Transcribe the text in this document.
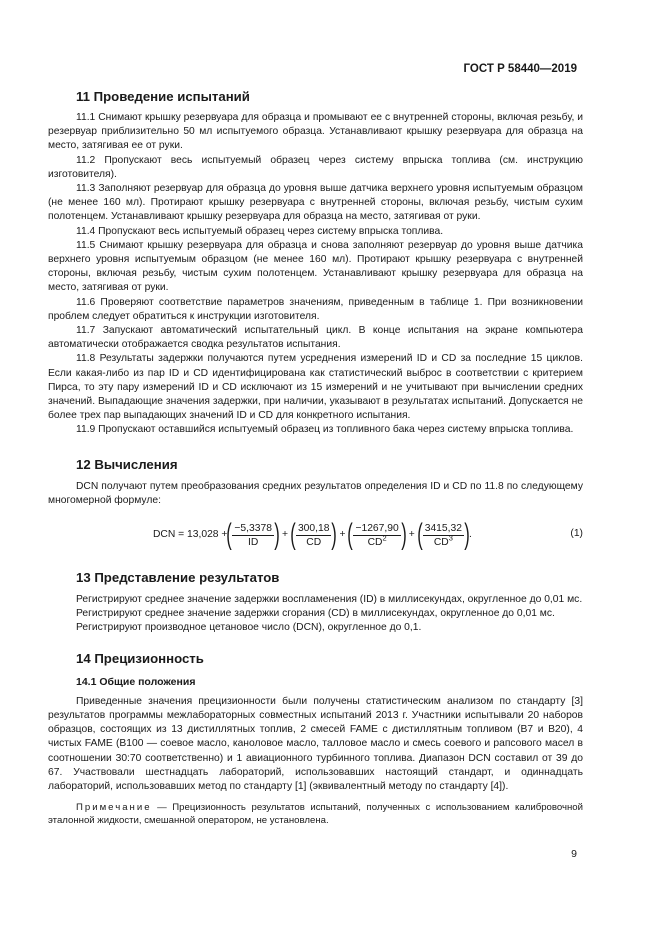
ГОСТ Р 58440—2019
11 Проведение испытаний

11.1 Снимают крышку резервуара для образца и промывают ее с внутренней стороны, включая резьбу, и резервуар приблизительно 50 мл испытуемого образца. Устанавливают крышку резервуара для образца на место, затягивая ее от руки.

11.2 Пропускают весь испытуемый образец через систему впрыска топлива (см. инструкцию изготовителя).

11.3 Заполняют резервуар для образца до уровня выше датчика верхнего уровня испытуемым образцом (не менее 160 мл). Протирают крышку резервуара с внутренней стороны, включая резьбу, чистым сухим полотенцем. Устанавливают крышку резервуара для образца на место, затягивая от руки.

11.4 Пропускают весь испытуемый образец через систему впрыска топлива.

11.5 Снимают крышку резервуара для образца и снова заполняют резервуар до уровня выше датчика верхнего уровня испытуемым образцом (не менее 160 мл). Протирают крышку резервуара с внутренней стороны, включая резьбу, чистым сухим полотенцем. Устанавливают крышку резервуара для образца на место, затягивая от руки.

11.6 Проверяют соответствие параметров значениям, приведенным в таблице 1. При возникновении проблем следует обратиться к инструкции изготовителя.

11.7 Запускают автоматический испытательный цикл. В конце испытания на экране компьютера автоматически отображается сводка результатов испытания.

11.8 Результаты задержки получаются путем усреднения измерений ID и CD за последние 15 циклов. Если какая-либо из пар ID и CD идентифицирована как статистический выброс в соответствии с критерием Пирса, то эту пару измерений ID и CD исключают из 15 измерений и не учитывают при вычислении средних значений. Выпадающие значения задержки, при наличии, указывают в результатах испытаний. Допускается не более трех пар выпадающих значений ID и CD для конкретного испытания.

11.9 Пропускают оставшийся испытуемый образец из топливного бака через систему впрыска топлива.

12 Вычисления

DCN получают путем преобразования средних результатов определения ID и CD по 11.8 по следующему многомерной формуле:

DCN = 13,028 + ( $\frac{-5,3378}{ID}$ ) + ( $\frac{300,18}{CD}$ ) + ( $\frac{-1267,90}{CD^2}$ ) + ( $\frac{3415,32}{CD^3}$ ) .	(1)
13 Представление результатов

Регистрируют среднее значение задержки воспламенения (ID) в миллисекундах, округленное до 0,01 мс.

Регистрируют среднее значение задержки сгорания (CD) в миллисекундах, округленное до 0,01 мс.

Регистрируют производное цетановое число (DCN), округленное до 0,1.

14 Прецизионность
14.1 Общие положения

Приведенные значения прецизионности были получены статистическим анализом по стандарту [3] результатов программы межлабораторных совместных испытаний 2013 г. Участники испытывали 20 наборов образцов, состоящих из 13 дистиллятных топлив, 2 смесей FAME с дистиллятным топливом (B7 и B20), 4 чистых FAME (B100 — соевое масло, каноловое масло, талловое масло и смесь соевого и рапсового масел в соотношении 30:70 соответственно) и 1 авиационного турбинного топлива. Диапазон DCN составил от 39 до 67. Участвовали шестнадцать лабораторий, использовавших настоящий стандарт, и одиннадцать лабораторий, использовавших метод по стандарту [1] (эквивалентный методу по стандарту [4]).

Примечание — Прецизионность результатов испытаний, полученных с использованием калибровочной эталонной жидкости, смешанной оператором, не установлена.

9
